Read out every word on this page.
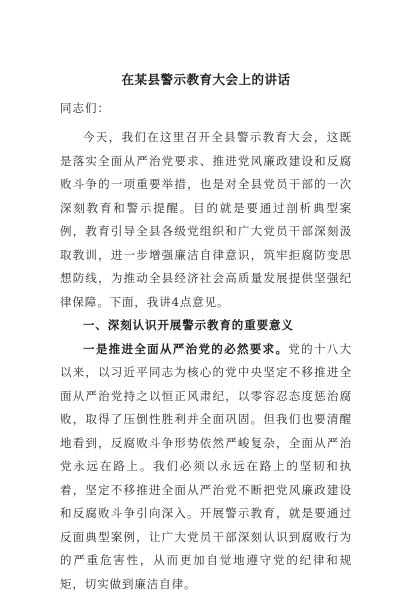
在某县警示教育大会上的讲话
同志们：

今天，我们在这里召开全县警示教育大会，这既是落实全面从严治党要求、推进党风廉政建设和反腐败斗争的一项重要举措，也是对全县党员干部的一次深刻教育和警示提醒。目的就是要通过剖析典型案例，教育引导全县各级党组织和广大党员干部深刻汲取教训，进一步增强廉洁自律意识，筑牢拒腐防变思想防线，为推动全县经济社会高质量发展提供坚强纪律保障。下面，我讲4点意见。

一、深刻认识开展警示教育的重要意义

一是推进全面从严治党的必然要求。党的十八大以来，以习近平同志为核心的党中央坚定不移推进全面从严治党持之以恒正风肃纪，以零容忍态度惩治腐败，取得了压倒性胜利并全面巩固。但我们也要清醒地看到，反腐败斗争形势依然严峻复杂，全面从严治党永远在路上。我们必须以永远在路上的坚韧和执着，坚定不移推进全面从严治党不断把党风廉政建设和反腐败斗争引向深入。开展警示教育，就是要通过反面典型案例，让广大党员干部深刻认识到腐败行为的严重危害性，从而更加自觉地遵守党的纪律和规矩，切实做到廉洁自律。
